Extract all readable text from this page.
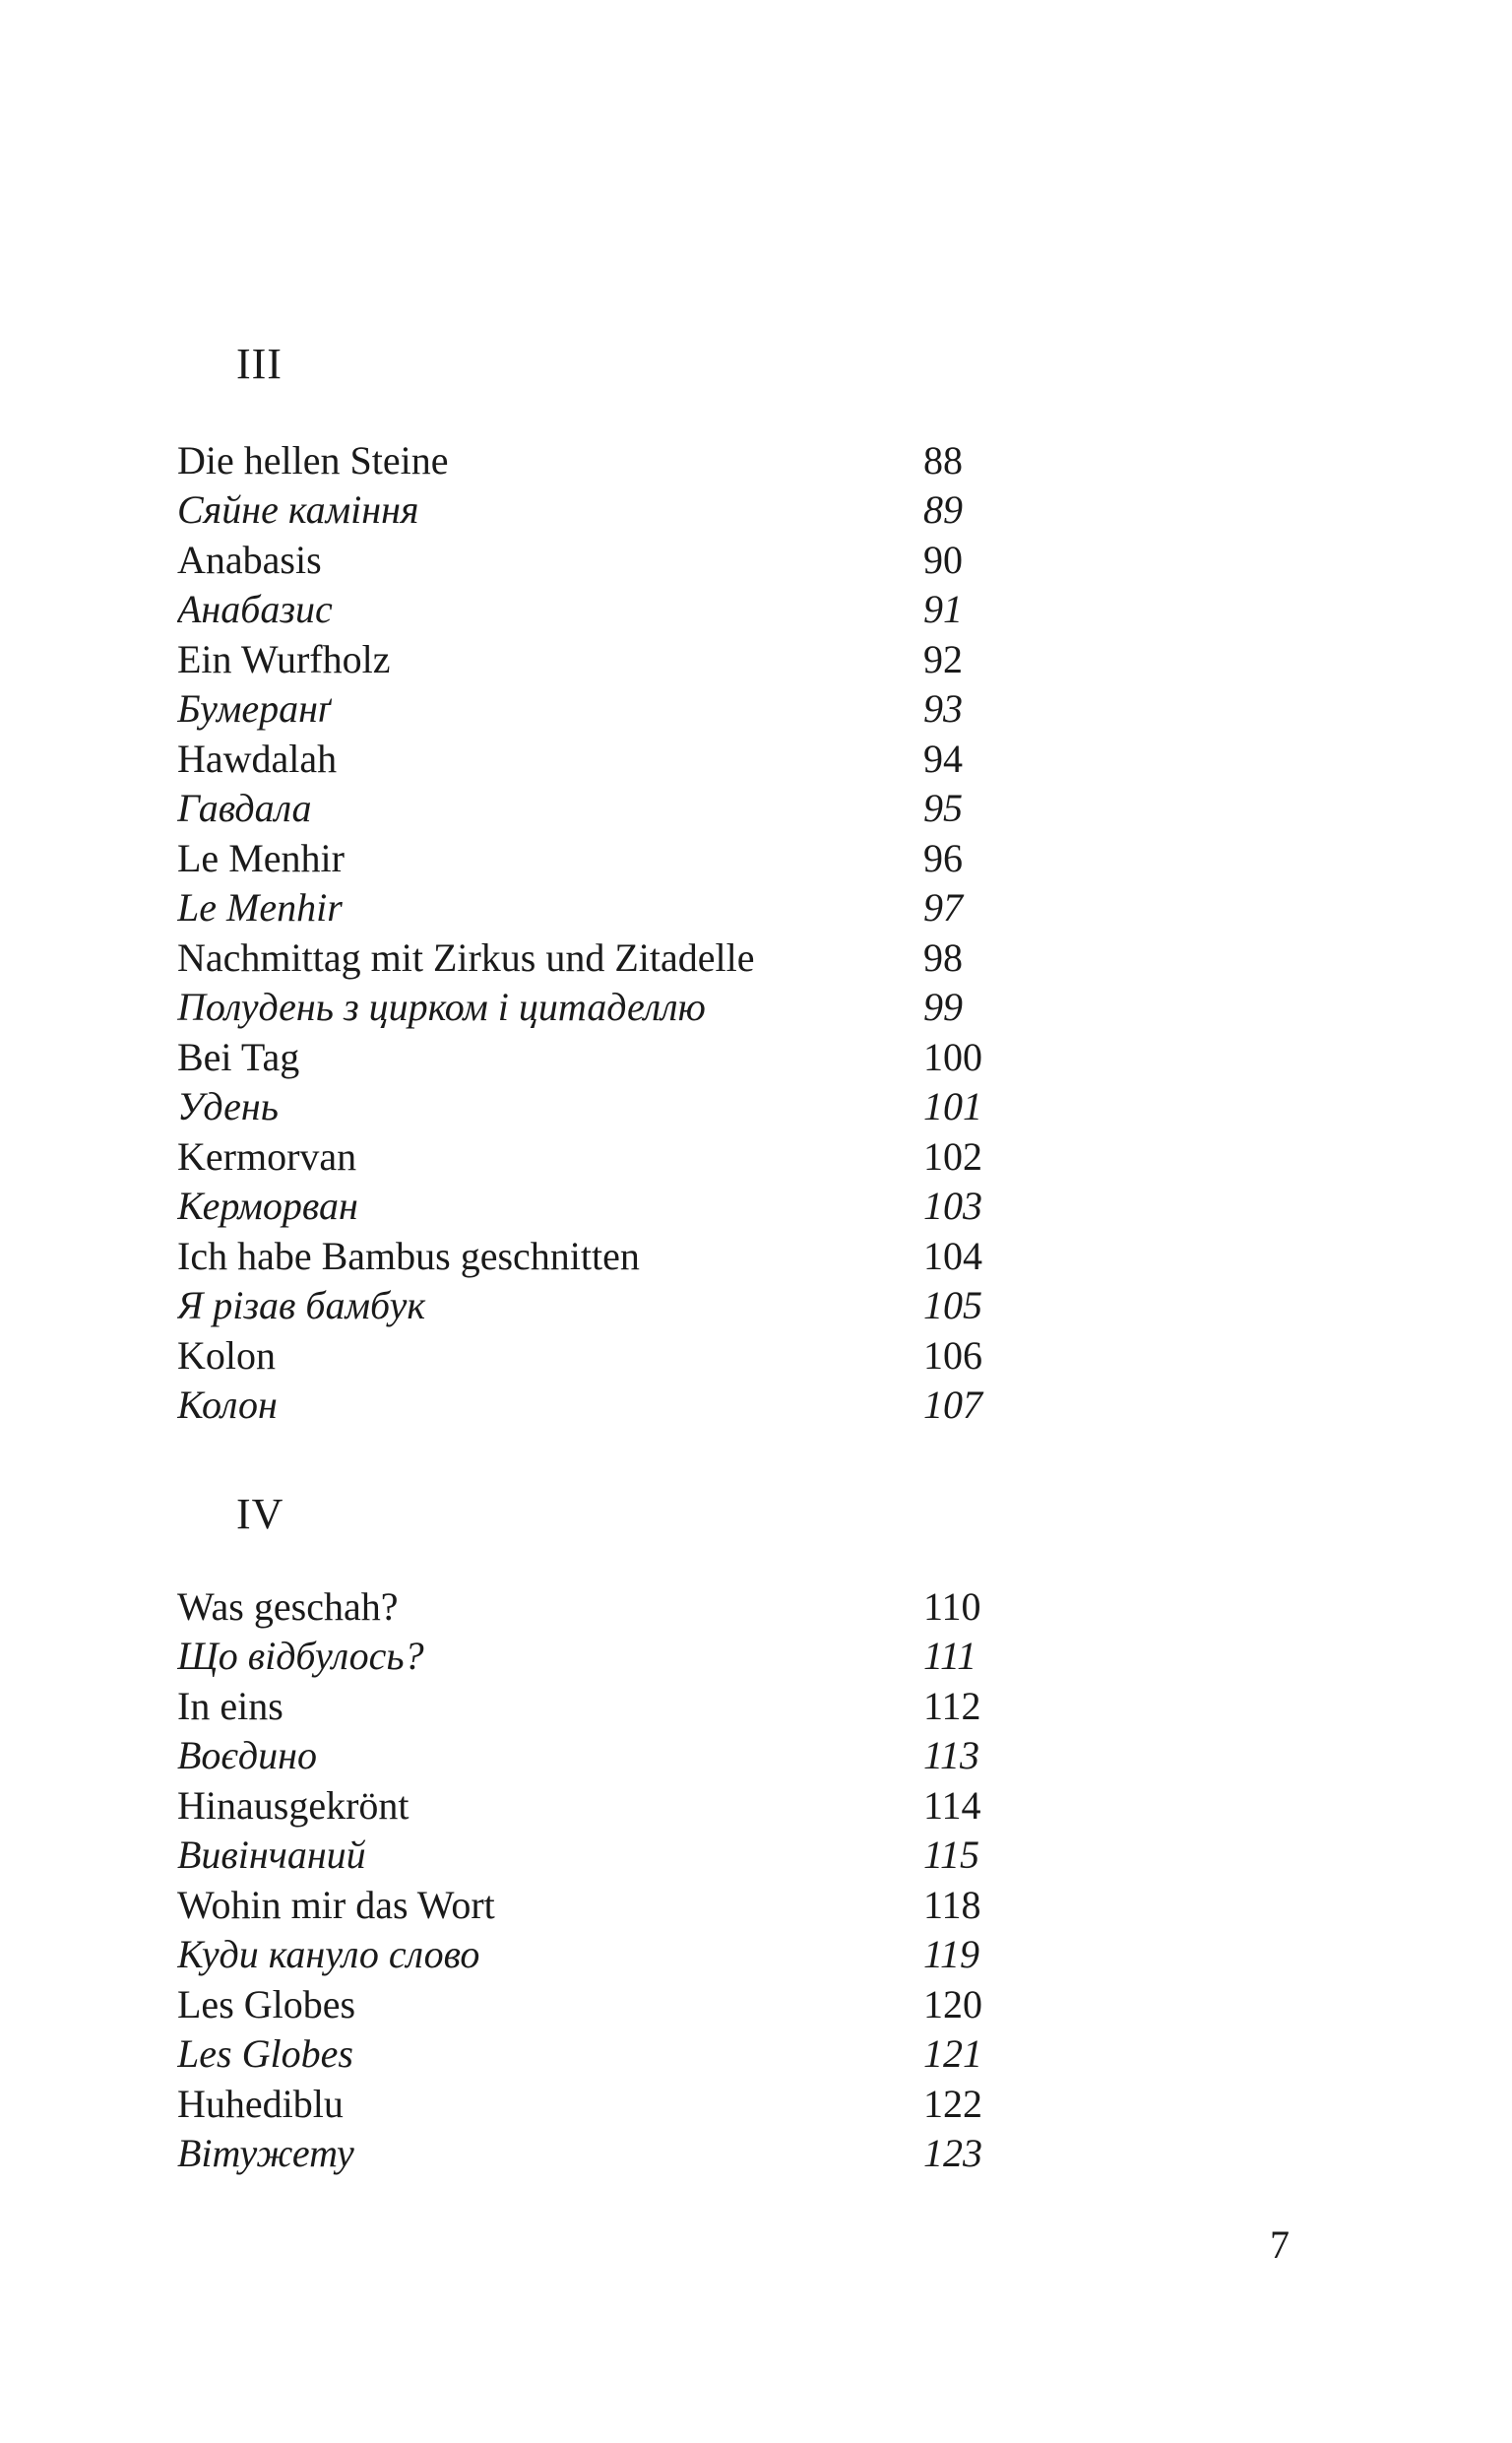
III
Die hellen Steine	88
Сяйне каміння	89
Anabasis	90
Анабазис	91
Ein Wurfholz	92
Бумеранґ	93
Hawdalah	94
Гавдала	95
Le Menhir	96
Le Menhir	97
Nachmittag mit Zirkus und Zitadelle	98
Полудень з цирком і цитаделлю	99
Bei Tag	100
Удень	101
Kermorvan	102
Керморван	103
Ich habe Bambus geschnitten	104
Я різав бамбук	105
Kolon	106
Колон	107
IV
Was geschah?	110
Що відбулось?	111
In eins	112
Воєдино	113
Hinausgekrönt	114
Вивінчаний	115
Wohin mir das Wort	118
Куди кануло слово	119
Les Globes	120
Les Globes	121
Huhediblu	122
Вітужету	123

7
